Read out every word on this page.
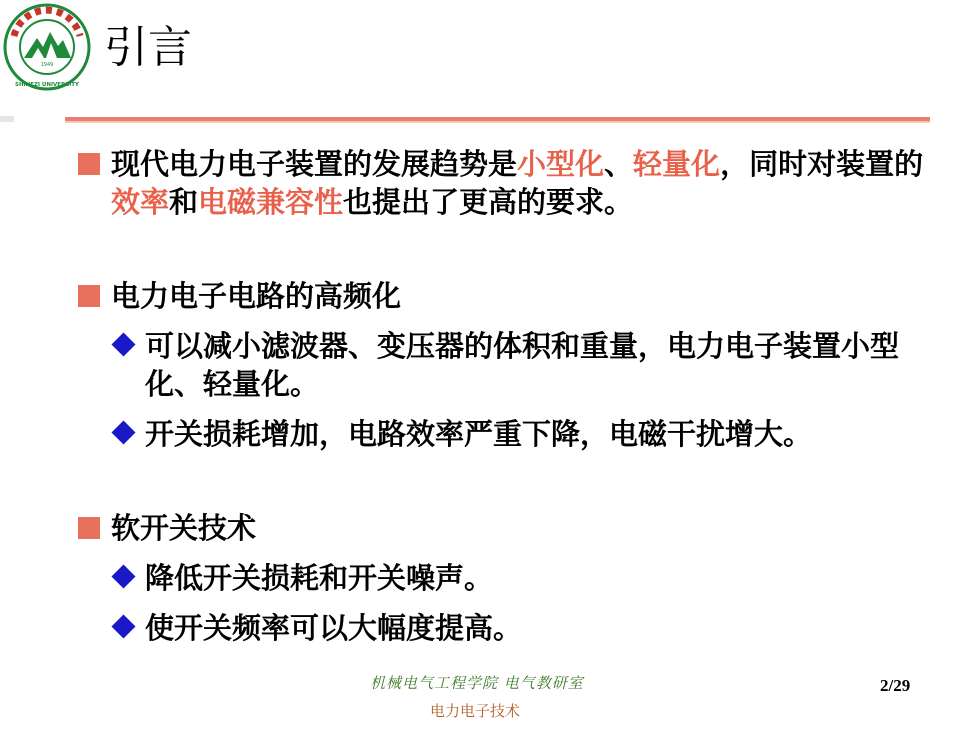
1949
SHIHEZI UNIVERSITY
引言
现代电力电子装置的发展趋势是小型化、轻量化，同时对装置的效率和电磁兼容性也提出了更高的要求。
电力电子电路的高频化
可以减小滤波器、变压器的体积和重量，电力电子装置小型化、轻量化。
开关损耗增加，电路效率严重下降，电磁干扰增大。
软开关技术
降低开关损耗和开关噪声。
使开关频率可以大幅度提高。
机械电气工程学院 电气教研室
电力电子技术
2/29
